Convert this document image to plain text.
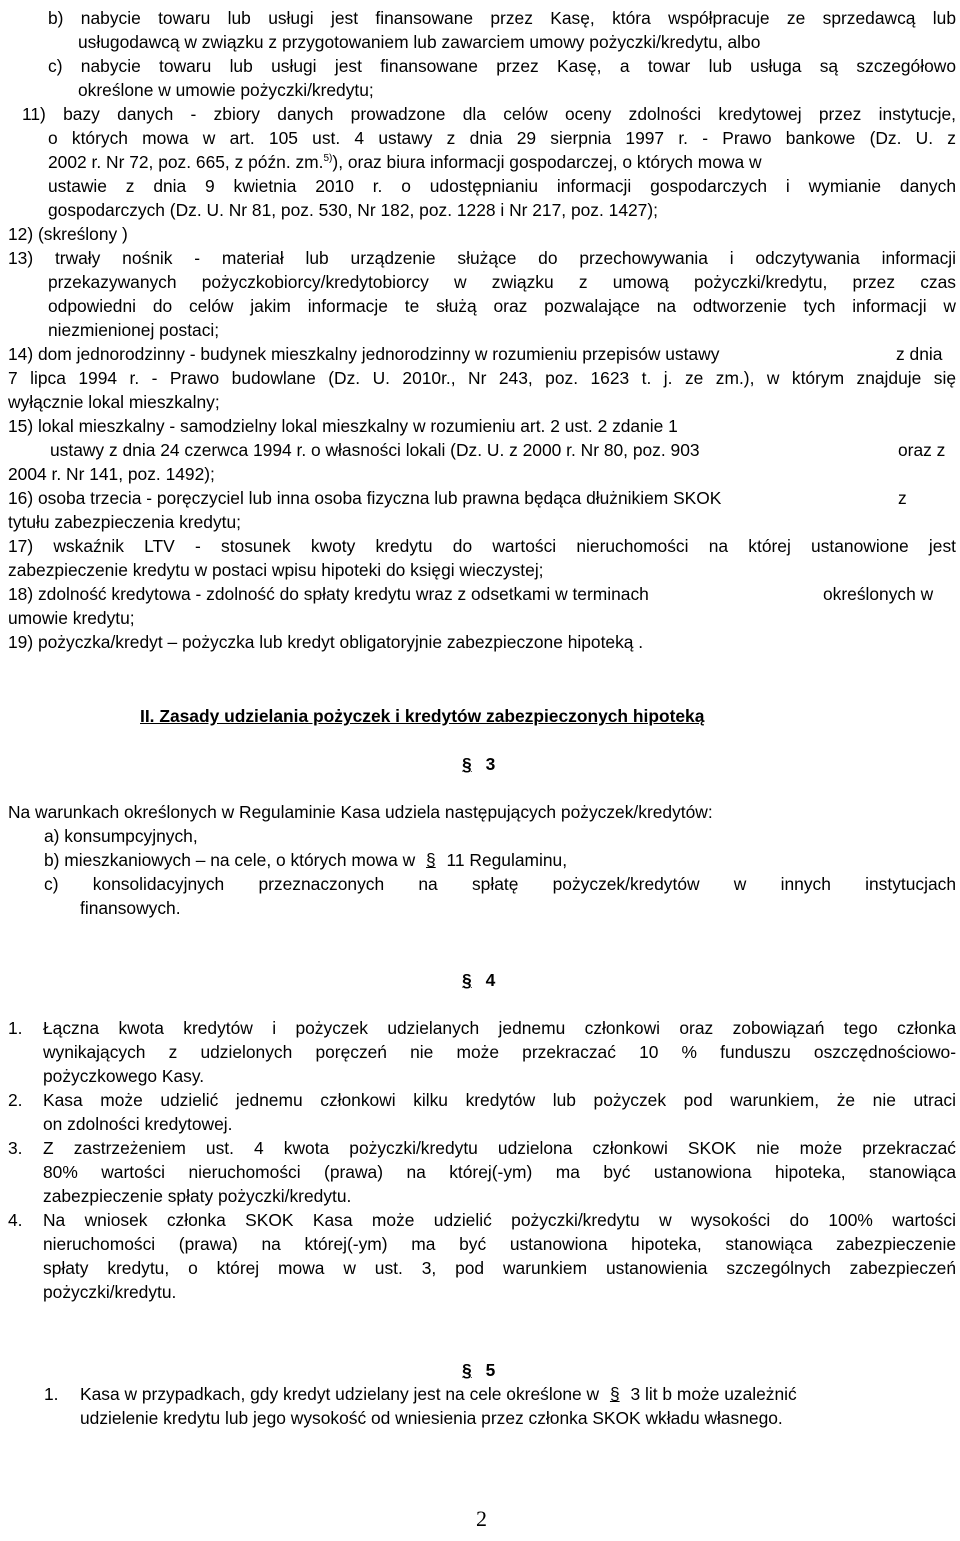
b) nabycie towaru lub usługi jest finansowane przez Kasę, która współpracuje ze sprzedawcą lub
usługodawcą w związku z przygotowaniem lub zawarciem umowy pożyczki/kredytu, albo
c) nabycie towaru lub usługi jest finansowane przez Kasę, a towar lub usługa są szczegółowo
określone w umowie pożyczki/kredytu;
11) bazy danych - zbiory danych prowadzone dla celów oceny zdolności kredytowej przez instytucje,
o których mowa w art. 105 ust. 4 ustawy z dnia 29 sierpnia 1997 r. - Prawo bankowe (Dz. U. z
2002 r. Nr 72, poz. 665, z późn. zm.$^{5)}$), oraz biura informacji gospodarczej, o których mowa w
ustawie z dnia 9 kwietnia 2010 r. o udostępnianiu informacji gospodarczych i wymianie danych
gospodarczych (Dz. U. Nr 81, poz. 530, Nr 182, poz. 1228 i Nr 217, poz. 1427);
12) (skreślony )
13) trwały nośnik - materiał lub urządzenie służące do przechowywania i odczytywania informacji
przekazywanych pożyczkobiorcy/kredytobiorcy w związku z umową pożyczki/kredytu, przez czas
odpowiedni do celów jakim informacje te służą oraz pozwalające na odtworzenie tych informacji w
niezmienionej postaci;
14) dom jednorodzinny - budynek mieszkalny jednorodzinny w rozumieniu przepisów ustawy	z dnia
7 lipca 1994 r. - Prawo budowlane (Dz. U. 2010r., Nr 243, poz. 1623 t. j. ze zm.), w którym znajduje się
wyłącznie lokal mieszkalny;
15) lokal mieszkalny - samodzielny lokal mieszkalny w rozumieniu art. 2 ust. 2 zdanie 1
ustawy z dnia 24 czerwca 1994 r. o własności lokali (Dz. U. z 2000 r. Nr 80, poz. 903	oraz z
2004 r. Nr 141, poz. 1492);
16) osoba trzecia - poręczyciel lub inna osoba fizyczna lub prawna będąca dłużnikiem SKOK	z
tytułu zabezpieczenia kredytu;
17) wskaźnik LTV - stosunek kwoty kredytu do wartości nieruchomości na której ustanowione jest
zabezpieczenie kredytu w postaci wpisu hipoteki do księgi wieczystej;
18) zdolność kredytowa - zdolność do spłaty kredytu wraz z odsetkami w terminach	określonych w
umowie kredytu;
19) pożyczka/kredyt – pożyczka lub kredyt obligatoryjnie zabezpieczone hipoteką .
II. Zasady udzielania pożyczek i kredytów zabezpieczonych hipoteką
§ 3
Na warunkach określonych w Regulaminie Kasa udziela następujących pożyczek/kredytów:
a) konsumpcyjnych,
b) mieszkaniowych – na cele, o których mowa w § 11 Regulaminu,
c) konsolidacyjnych przeznaczonych na spłatę pożyczek/kredytów w innych instytucjach
finansowych.
§ 4
1. Łączna kwota kredytów i pożyczek udzielanych jednemu członkowi oraz zobowiązań tego członka
wynikających z udzielonych poręczeń nie może przekraczać 10 % funduszu oszczędnościowo-
pożyczkowego Kasy.
2. Kasa może udzielić jednemu członkowi kilku kredytów lub pożyczek pod warunkiem, że nie utraci
on zdolności kredytowej.
3. Z zastrzeżeniem ust. 4 kwota pożyczki/kredytu udzielona członkowi SKOK nie może przekraczać
80% wartości nieruchomości (prawa) na której(-ym) ma być ustanowiona hipoteka, stanowiąca
zabezpieczenie spłaty pożyczki/kredytu.
4. Na wniosek członka SKOK Kasa może udzielić pożyczki/kredytu w wysokości do 100% wartości
nieruchomości (prawa) na której(-ym) ma być ustanowiona hipoteka, stanowiąca zabezpieczenie
spłaty kredytu, o której mowa w ust. 3, pod warunkiem ustanowienia szczególnych zabezpieczeń
pożyczki/kredytu.
§ 5
1. Kasa w przypadkach, gdy kredyt udzielany jest na cele określone w § 3 lit b może uzależnić
udzielenie kredytu lub jego wysokość od wniesienia przez członka SKOK wkładu własnego.
2
